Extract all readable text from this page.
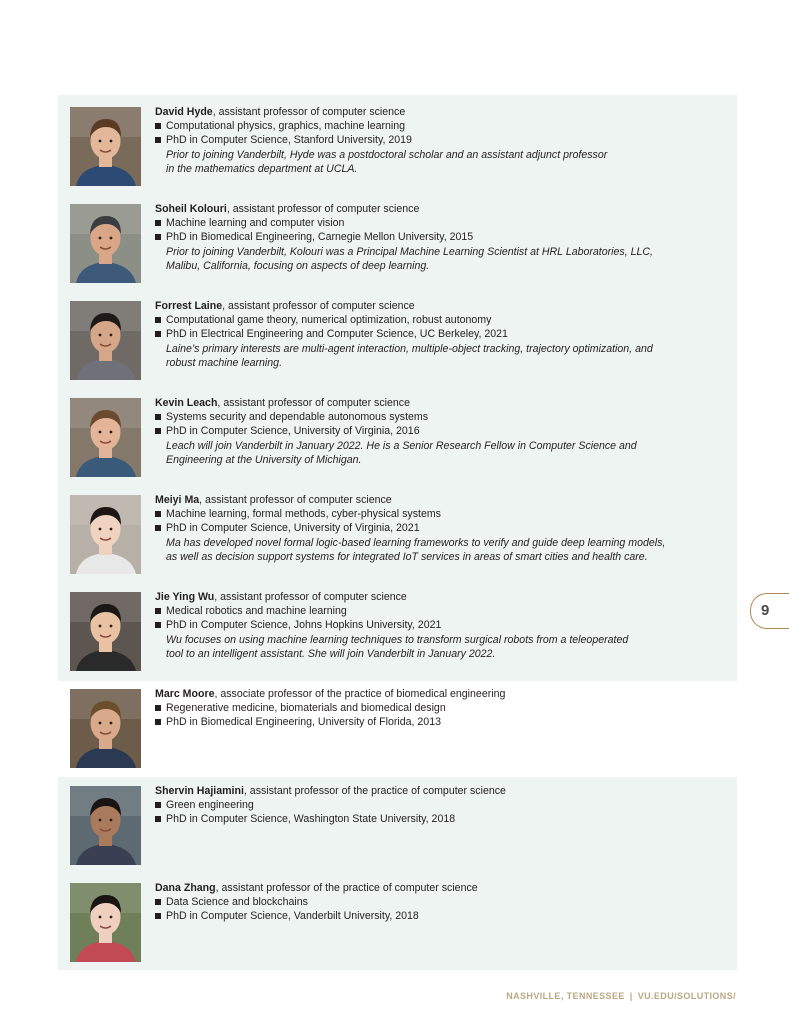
David Hyde, assistant professor of computer science
Computational physics, graphics, machine learning
PhD in Computer Science, Stanford University, 2019
Prior to joining Vanderbilt, Hyde was a postdoctoral scholar and an assistant adjunct professor
in the mathematics department at UCLA.
Soheil Kolouri, assistant professor of computer science
Machine learning and computer vision
PhD in Biomedical Engineering, Carnegie Mellon University, 2015
Prior to joining Vanderbilt, Kolouri was a Principal Machine Learning Scientist at HRL Laboratories, LLC,
Malibu, California, focusing on aspects of deep learning.
Forrest Laine, assistant professor of computer science
Computational game theory, numerical optimization, robust autonomy
PhD in Electrical Engineering and Computer Science, UC Berkeley, 2021
Laine’s primary interests are multi-agent interaction, multiple-object tracking, trajectory optimization, and
robust machine learning.
Kevin Leach, assistant professor of computer science
Systems security and dependable autonomous systems
PhD in Computer Science, University of Virginia, 2016
Leach will join Vanderbilt in January 2022. He is a Senior Research Fellow in Computer Science and
Engineering at the University of Michigan.
Meiyi Ma, assistant professor of computer science
Machine learning, formal methods, cyber-physical systems
PhD in Computer Science, University of Virginia, 2021
Ma has developed novel formal logic-based learning frameworks to verify and guide deep learning models,
as well as decision support systems for integrated IoT services in areas of smart cities and health care.
Jie Ying Wu, assistant professor of computer science
Medical robotics and machine learning
PhD in Computer Science, Johns Hopkins University, 2021
Wu focuses on using machine learning techniques to transform surgical robots from a teleoperated
tool to an intelligent assistant. She will join Vanderbilt in January 2022.
Marc Moore, associate professor of the practice of biomedical engineering
Regenerative medicine, biomaterials and biomedical design
PhD in Biomedical Engineering, University of Florida, 2013
Shervin Hajiamini, assistant professor of the practice of computer science
Green engineering
PhD in Computer Science, Washington State University, 2018
Dana Zhang, assistant professor of the practice of computer science
Data Science and blockchains
PhD in Computer Science, Vanderbilt University, 2018
9
NASHVILLE, TENNESSEE | VU.EDU/SOLUTIONS/
